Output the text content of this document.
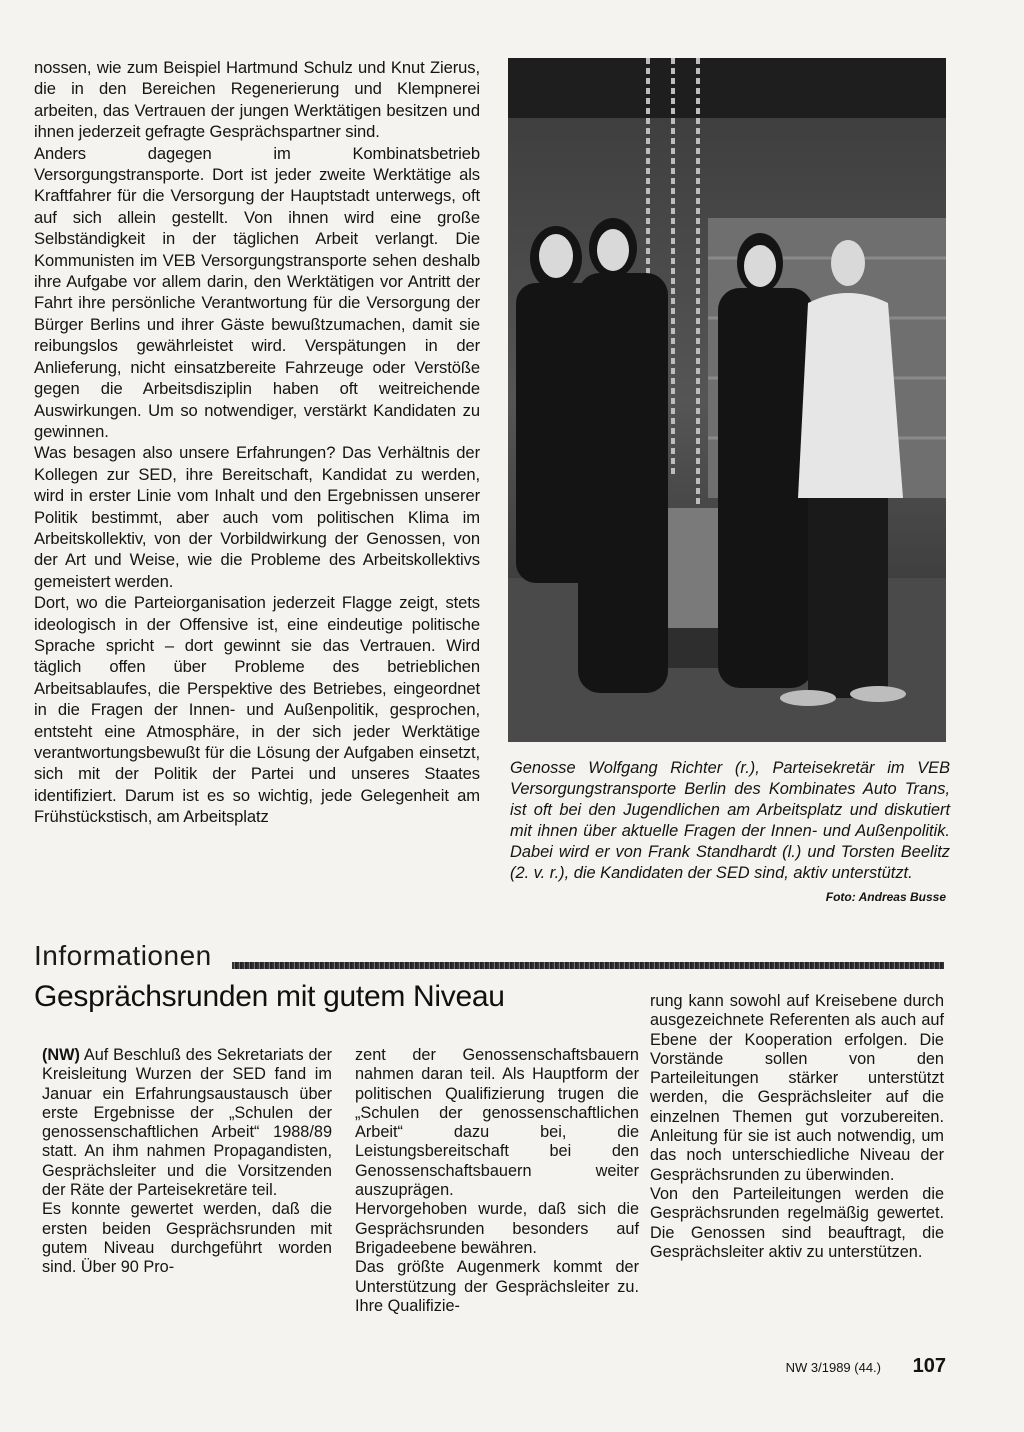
nossen, wie zum Beispiel Hartmund Schulz und Knut Zierus, die in den Bereichen Regenerierung und Klempnerei arbeiten, das Vertrauen der jungen Werktätigen besitzen und ihnen jederzeit gefragte Gesprächspartner sind.

Anders dagegen im Kombinatsbetrieb Versorgungstransporte. Dort ist jeder zweite Werktätige als Kraftfahrer für die Versorgung der Hauptstadt unterwegs, oft auf sich allein gestellt. Von ihnen wird eine große Selbständigkeit in der täglichen Arbeit verlangt. Die Kommunisten im VEB Versorgungstransporte sehen deshalb ihre Aufgabe vor allem darin, den Werktätigen vor Antritt der Fahrt ihre persönliche Verantwortung für die Versorgung der Bürger Berlins und ihrer Gäste bewußtzumachen, damit sie reibungslos gewährleistet wird. Verspätungen in der Anlieferung, nicht einsatzbereite Fahrzeuge oder Verstöße gegen die Arbeitsdisziplin haben oft weitreichende Auswirkungen. Um so notwendiger, verstärkt Kandidaten zu gewinnen.

Was besagen also unsere Erfahrungen? Das Verhältnis der Kollegen zur SED, ihre Bereitschaft, Kandidat zu werden, wird in erster Linie vom Inhalt und den Ergebnissen unserer Politik bestimmt, aber auch vom politischen Klima im Arbeitskollektiv, von der Vorbildwirkung der Genossen, von der Art und Weise, wie die Probleme des Arbeitskollektivs gemeistert werden.

Dort, wo die Parteiorganisation jederzeit Flagge zeigt, stets ideologisch in der Offensive ist, eine eindeutige politische Sprache spricht – dort gewinnt sie das Vertrauen. Wird täglich offen über Probleme des betrieblichen Arbeitsablaufes, die Perspektive des Betriebes, eingeordnet in die Fragen der Innen- und Außenpolitik, gesprochen, entsteht eine Atmosphäre, in der sich jeder Werktätige verantwortungsbewußt für die Lösung der Aufgaben einsetzt, sich mit der Politik der Partei und unseres Staates identifiziert. Darum ist es so wichtig, jede Gelegenheit am Frühstückstisch, am Arbeitsplatz

Genosse Wolfgang Richter (r.), Parteisekretär im VEB Versorgungstransporte Berlin des Kombinates Auto Trans, ist oft bei den Jugendlichen am Arbeitsplatz und diskutiert mit ihnen über aktuelle Fragen der Innen- und Außenpolitik. Dabei wird er von Frank Standhardt (l.) und Torsten Beelitz (2. v. r.), die Kandidaten der SED sind, aktiv unterstützt.
Foto: Andreas Busse
Informationen
Gesprächsrunden mit gutem Niveau

(NW) Auf Beschluß des Sekretariats der Kreisleitung Wurzen der SED fand im Januar ein Erfahrungsaustausch über erste Ergebnisse der „Schulen der genossenschaftlichen Arbeit“ 1988/89 statt. An ihm nahmen Propagandisten, Gesprächsleiter und die Vorsitzenden der Räte der Parteisekretäre teil.

Es konnte gewertet werden, daß die ersten beiden Gesprächsrunden mit gutem Niveau durchgeführt worden sind. Über 90 Pro-

zent der Genossenschaftsbauern nahmen daran teil. Als Hauptform der politischen Qualifizierung trugen die „Schulen der genossenschaftlichen Arbeit“ dazu bei, die Leistungsbereitschaft bei den Genossenschaftsbauern weiter auszuprägen.

Hervorgehoben wurde, daß sich die Gesprächsrunden besonders auf Brigadeebene bewähren.

Das größte Augenmerk kommt der Unterstützung der Gesprächsleiter zu. Ihre Qualifizie-

rung kann sowohl auf Kreisebene durch ausgezeichnete Referenten als auch auf Ebene der Kooperation erfolgen. Die Vorstände sollen von den Parteileitungen stärker unterstützt werden, die Gesprächsleiter auf die einzelnen Themen gut vorzubereiten. Anleitung für sie ist auch notwendig, um das noch unterschiedliche Niveau der Gesprächsrunden zu überwinden.

Von den Parteileitungen werden die Gesprächsrunden regelmäßig gewertet. Die Genossen sind beauftragt, die Gesprächsleiter aktiv zu unterstützen.

NW 3/1989 (44.) 107
